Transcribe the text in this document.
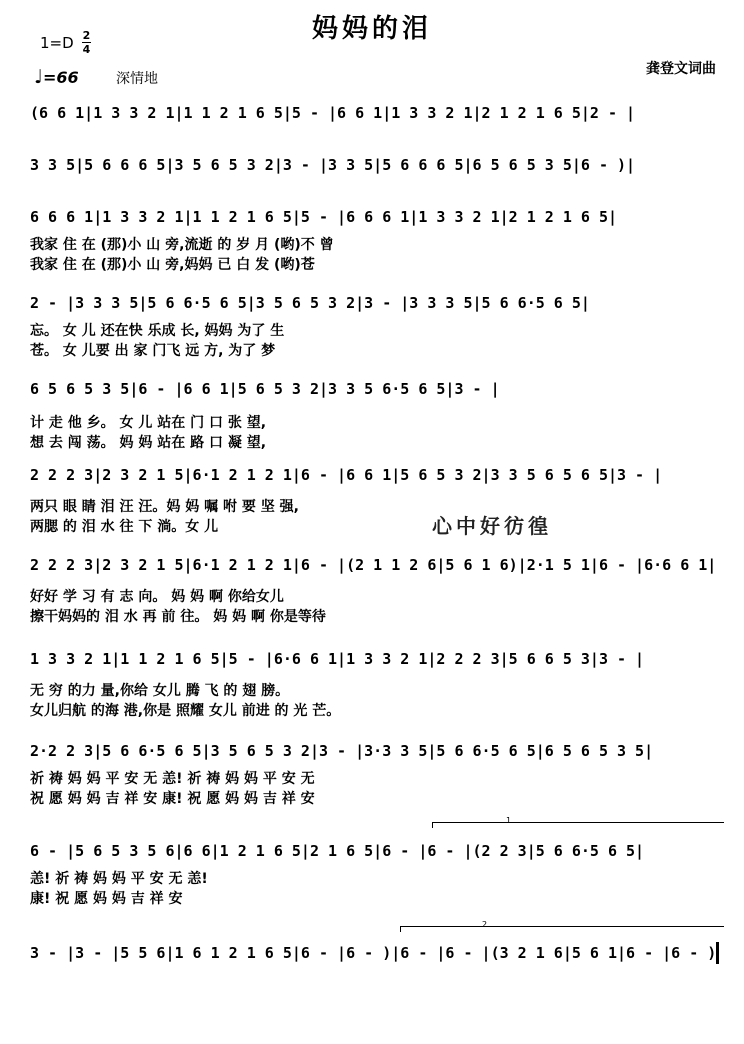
妈妈的泪
1=D 2
4
龚登文词曲
♩=66	深情地
(6 6 1|1 3 3 2 1|1 1 2 1 6 5|5 - |6 6 1|1 3 3 2 1|2 1 2 1 6 5|2 - |
3 3 5|5 6 6 6 5|3 5 6 5 3 2|3 - |3 3 5|5 6 6 6 5|6 5 6 5 3 5|6 - )|
6 6 6 1|1 3 3 2 1|1 1 2 1 6 5|5 - |6 6 6 1|1 3 3 2 1|2 1 2 1 6 5|
我家 住 在 (那)小 山 旁,流逝 的 岁 月 (哟)不 曾
我家 住 在 (那)小 山 旁,妈妈 已 白 发 (哟)苍
2 - |3 3 3 5|5 6 6·5 6 5|3 5 6 5 3 2|3 - |3 3 3 5|5 6 6·5 6 5|
忘。 女 儿 还在快 乐成 长, 妈妈 为了 生
苍。 女 儿要 出 家 门飞 远 方, 为了 梦
6 5 6 5 3 5|6 - |6 6 1|5 6 5 3 2|3 3 5 6·5 6 5|3 - |
计 走 他 乡。 女 儿 站在 门 口 张 望,
想 去 闯 荡。 妈 妈 站在 路 口 凝 望,
2 2 2 3|2 3 2 1 5|6·1 2 1 2 1|6 - |6 6 1|5 6 5 3 2|3 3 5 6 5 6 5|3 - |
两只 眼 睛 泪 汪 汪。妈 妈 嘱 咐 要 坚 强,
两腮 的 泪 水 往 下 淌。女 儿	心中好彷徨
2 2 2 3|2 3 2 1 5|6·1 2 1 2 1|6 - |(2 1 1 2 6|5 6 1 6)|2·1 5 1|6 - |6·6 6 1|
好好 学 习 有 志 向。 妈 妈 啊 你给女儿
擦干妈妈的 泪 水 再 前 往。 妈 妈 啊 你是等待
1 3 3 2 1|1 1 2 1 6 5|5 - |6·6 6 1|1 3 3 2 1|2 2 2 3|5 6 6 5 3|3 - |
无 穷 的力 量,你给 女儿 腾 飞 的 翅 膀。
女儿归航 的海 港,你是 照耀 女儿 前进 的 光 芒。
2·2 2 3|5 6 6·5 6 5|3 5 6 5 3 2|3 - |3·3 3 5|5 6 6·5 6 5|6 5 6 5 3 5|
祈 祷 妈 妈 平 安 无 恙! 祈 祷 妈 妈 平 安 无
祝 愿 妈 妈 吉 祥 安 康! 祝 愿 妈 妈 吉 祥 安
1
6 - |5 6 5 3 5 6|6 6|1 2 1 6 5|2 1 6 5|6 - |6 - |(2 2 3|5 6 6·5 6 5|
恙! 祈 祷 妈 妈 平 安 无 恙!
康! 祝 愿 妈 妈 吉 祥 安
2
3 - |3 - |5 5 6|1 6 1 2 1 6 5|6 - |6 - )|6 - |6 - |(3 2 1 6|5 6 1|6 - |6 - )
